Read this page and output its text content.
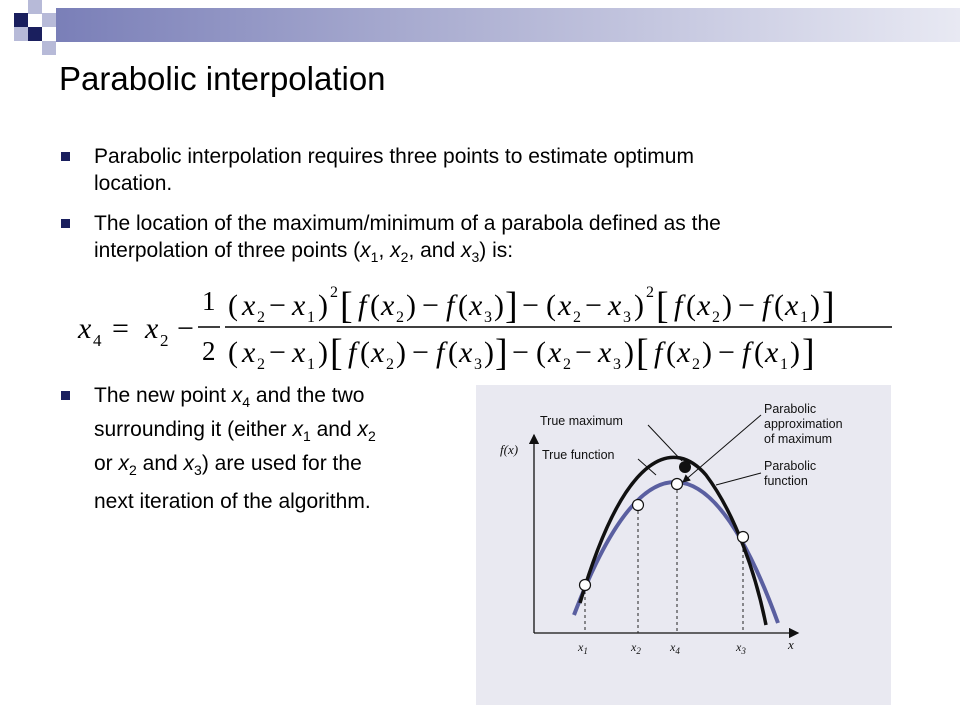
Parabolic interpolation
Parabolic interpolation requires three points to estimate optimum
location.
The location of the maximum/minimum of a parabola defined as the
interpolation of three points ($x_1$, $x_2$, and $x_3$) is:
x 4 = x 2 −
1
2
( x 2 − x 1 ) 2 [ f ( x 2 ) − f ( x 3 ) ] − ( x 2 − x 3 ) 2 [ f ( x 2 ) − f ( x 1 ) ]
( x 2 − x 1 ) [ f ( x 2 ) − f ( x 3 ) ] − ( x 2 − x 3 ) [ f ( x 2 ) − f ( x 1 ) ]
The new point $x_4$ and the two
surrounding it (either $x_1$ and $x_2$
or $x_2$ and $x_3$) are used for the
next iteration of the algorithm.
f(x)
x
True maximum
True function
Parabolic
approximation
of maximum
Parabolic
function
$x_1$	$x_2$ $x_4$	$x_3$
